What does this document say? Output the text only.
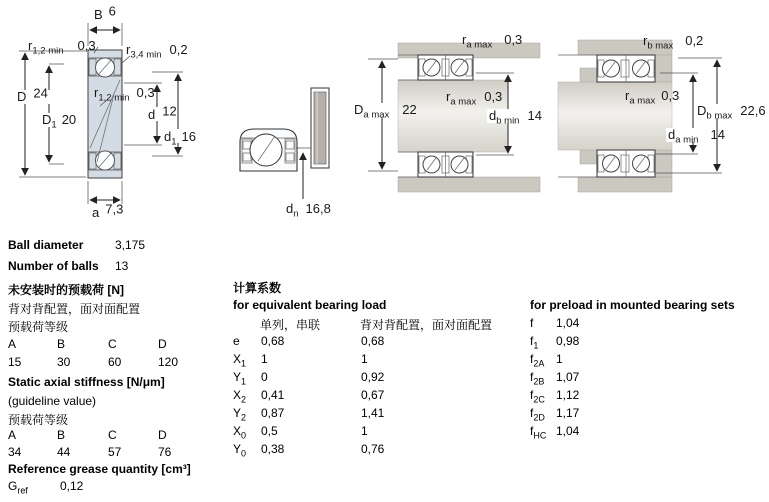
B 6
$r_{1,2 min}$ 0,3 $r_{3,4 min}$ 0,2
D 24
$D_1$ 20
$r_{1,2 min}$ 0,3
d 12
$d_1$ 16
a 7,3	$d_n$ 16,8
$r_{a max}$ 0,3
$D_{a max}$ 22
$r_{a max}$ 0,3
$d_{b min}$ 14
$r_{b max}$ 0,2
$r_{a max}$ 0,3
$D_{b max}$ 22,6
$d_{a min}$ 14
Ball diameter	3,175
Number of balls	13
未安装时的预载荷 [N]
背对背配置，面对面配置
预载荷等级
A	B	C	D
15	30	60	120
Static axial stiffness [N/μm]
(guideline value)
预载荷等级
A	B	C	D
34	44	57	76
Reference grease quantity [cm³]
$G_{ref}$	0,12
计算系数
for equivalent bearing load
单列，串联	背对背配置，面对面配置
e	0,68	0,68
$X_1$	1	1
$Y_1$	0	0,92
$X_2$	0,41	0,67
$Y_2$	0,87	1,41
$X_0$	0,5	1
$Y_0$	0,38	0,76
for preload in mounted bearing sets
f	1,04
$f_1$	0,98
$f_{2A}$ 1
$f_{2B}$ 1,07
$f_{2C}$ 1,12
$f_{2D}$ 1,17
$f_{HC}$ 1,04
